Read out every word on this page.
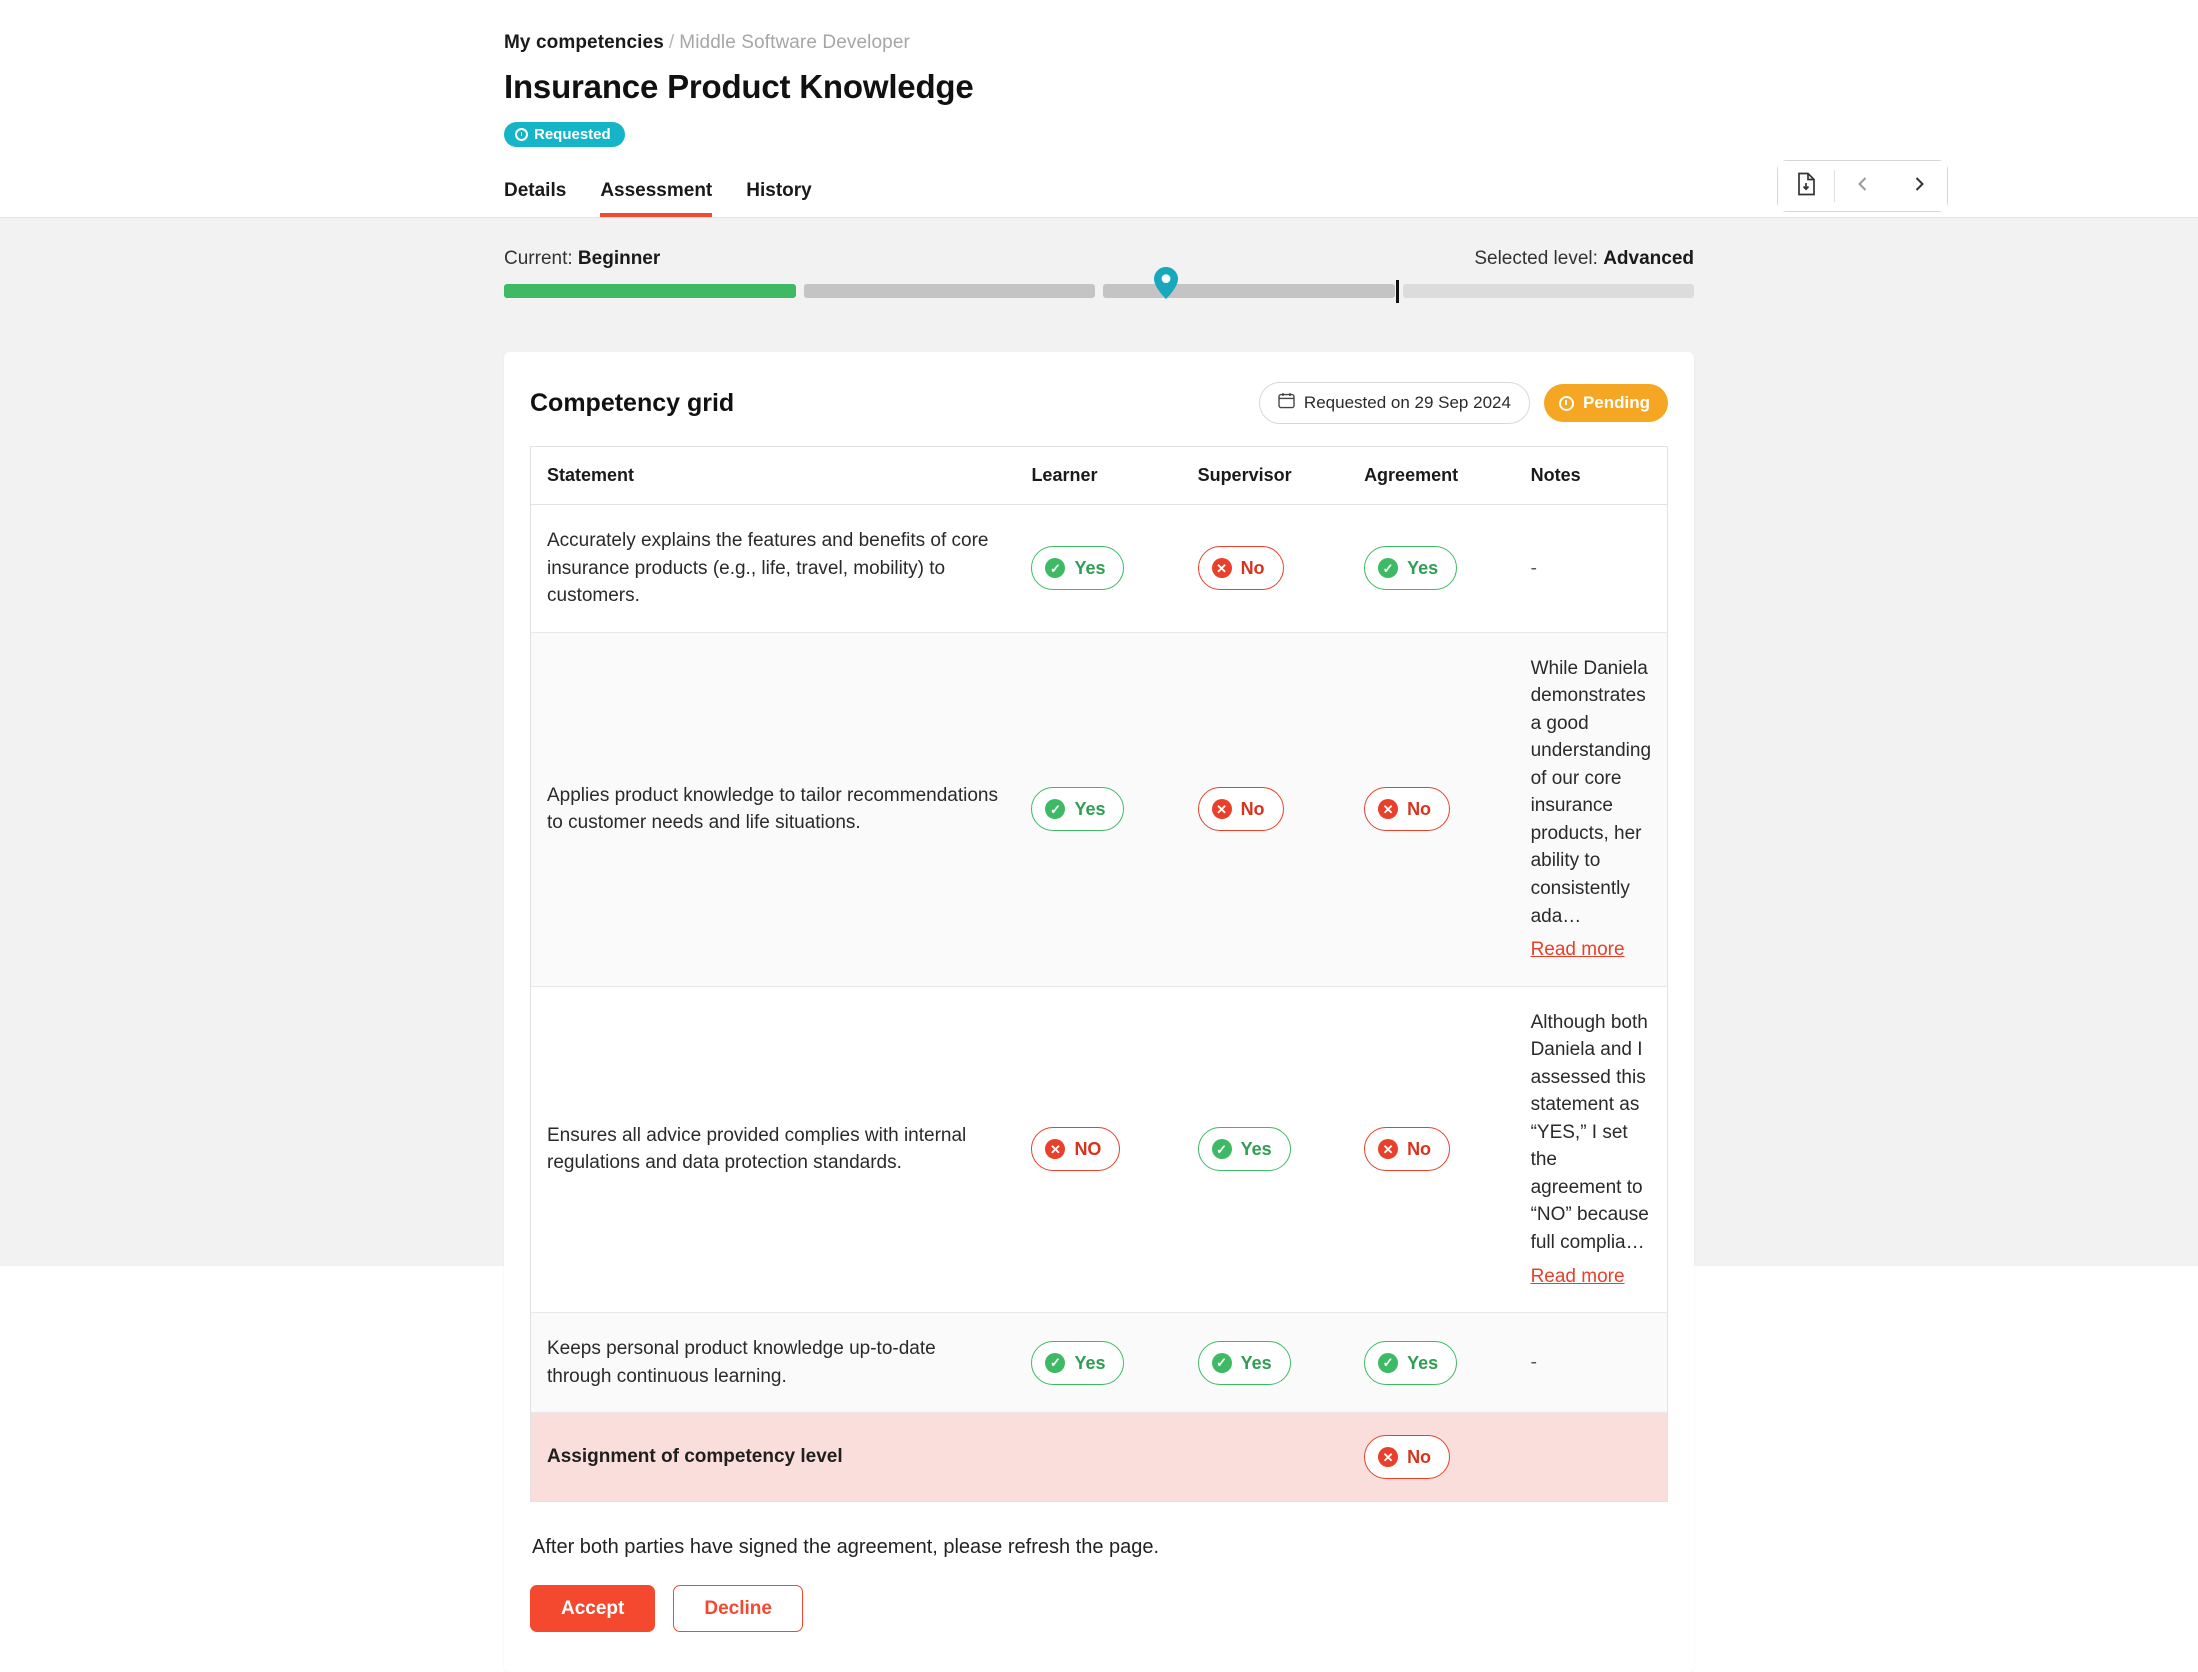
My competencies / Middle Software Developer
Insurance Product Knowledge
Requested
Details Assessment History
Current: Beginner	Selected level: Advanced
Competency grid	Requested on 29 Sep 2024	Pending
Statement	Learner	Supervisor	Agreement	Notes
Accurately explains the features and benefits of core insurance products (e.g., life, travel, mobility) to customers.	✓ Yes	✕ No	✓ Yes	-
Applies product knowledge to tailor recommendations to customer needs and life situations.	✓ Yes	✕ No	✕ No	While Daniela demonstrates a good understanding of our core insurance products, her ability to consistently ada…
Read more
Ensures all advice provided complies with internal regulations and data protection standards.	✕ NO	✓ Yes	✕ No	Although both Daniela and I assessed this statement as “YES,” I set the agreement to “NO” because full complia…
Read more
Keeps personal product knowledge up-to-date through continuous learning.	✓ Yes	✓ Yes	✓ Yes	-
Assignment of competency level			✕ No	

After both parties have signed the agreement, please refresh the page.
Accept	Decline
